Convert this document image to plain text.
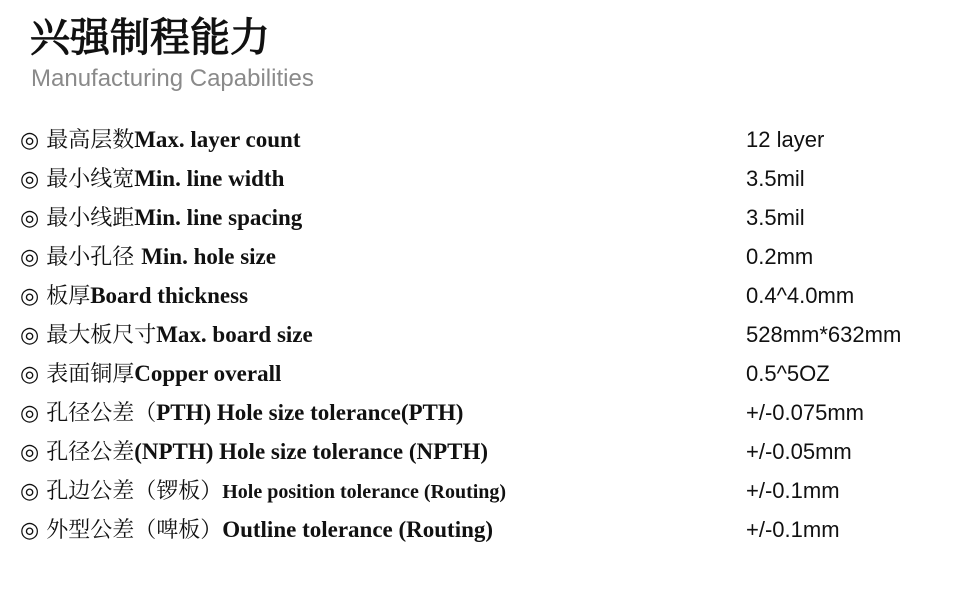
兴强制程能力
Manufacturing Capabilities
◎ 最高层数Max. layer count	12 layer
◎ 最小线宽Min. line width	3.5mil
◎ 最小线距Min. line spacing	3.5mil
◎ 最小孔径 Min. hole size	0.2mm
◎ 板厚Board thickness	0.4^4.0mm
◎ 最大板尺寸Max. board size	528mm*632mm
◎ 表面铜厚Copper overall	0.5^5OZ
◎ 孔径公差（PTH) Hole size tolerance(PTH)	+/-0.075mm
◎ 孔径公差(NPTH) Hole size tolerance (NPTH)	+/-0.05mm
◎ 孔边公差（锣板）Hole position tolerance (Routing)	+/-0.1mm
◎ 外型公差（啤板）Outline tolerance (Routing)	+/-0.1mm
